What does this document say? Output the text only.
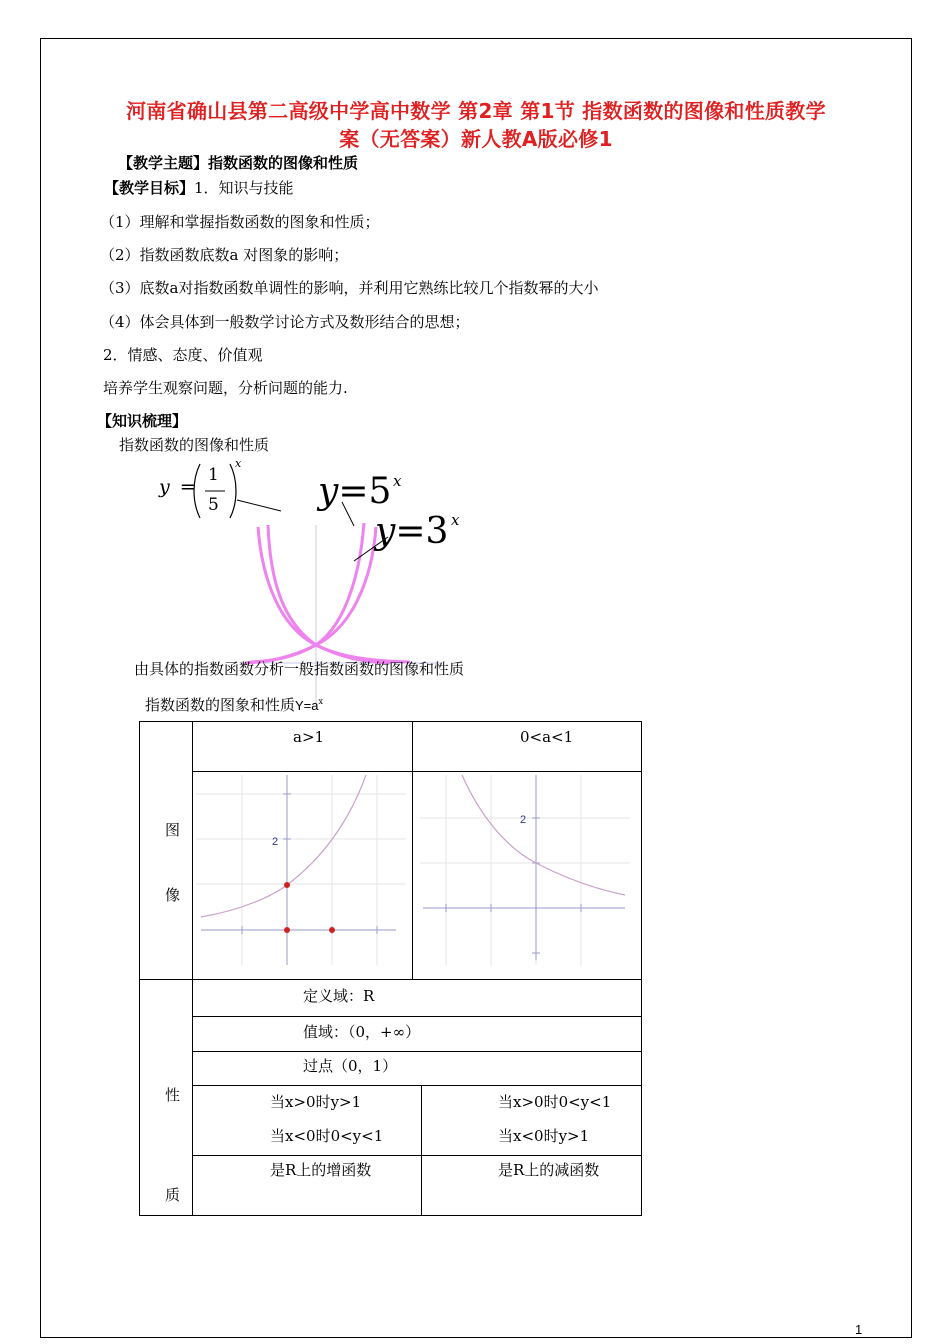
河南省确山县第二高级中学高中数学 第2章 第1节 指数函数的图像和性质教学
案（无答案）新人教A版必修1
【教学主题】指数函数的图像和性质
【教学目标】1．知识与技能
（1）理解和掌握指数函数的图象和性质；
（2）指数函数底数a 对图象的影响；
（3）底数a对指数函数单调性的影响，并利用它熟练比较几个指数幂的大小
（4）体会具体到一般数学讨论方式及数形结合的思想；
2．情感、态度、价值观
培养学生观察问题，分析问题的能力.
【知识梳理】
指数函数的图像和性质
y =
1
5
x
y=5 x
y=3 x
由具体的指数函数分析一般指数函数的图像和性质
指数函数的图象和性质$Y=a^x$
a>1	0<a<1
图
像
2
2
性
质
定义域：R
值域：（0，+∞）
过点（0，1）
当x>0时y>1
当x<0时0<y<1
当x>0时0<y<1
当x<0时y>1
是R上的增函数	是R上的减函数
1
